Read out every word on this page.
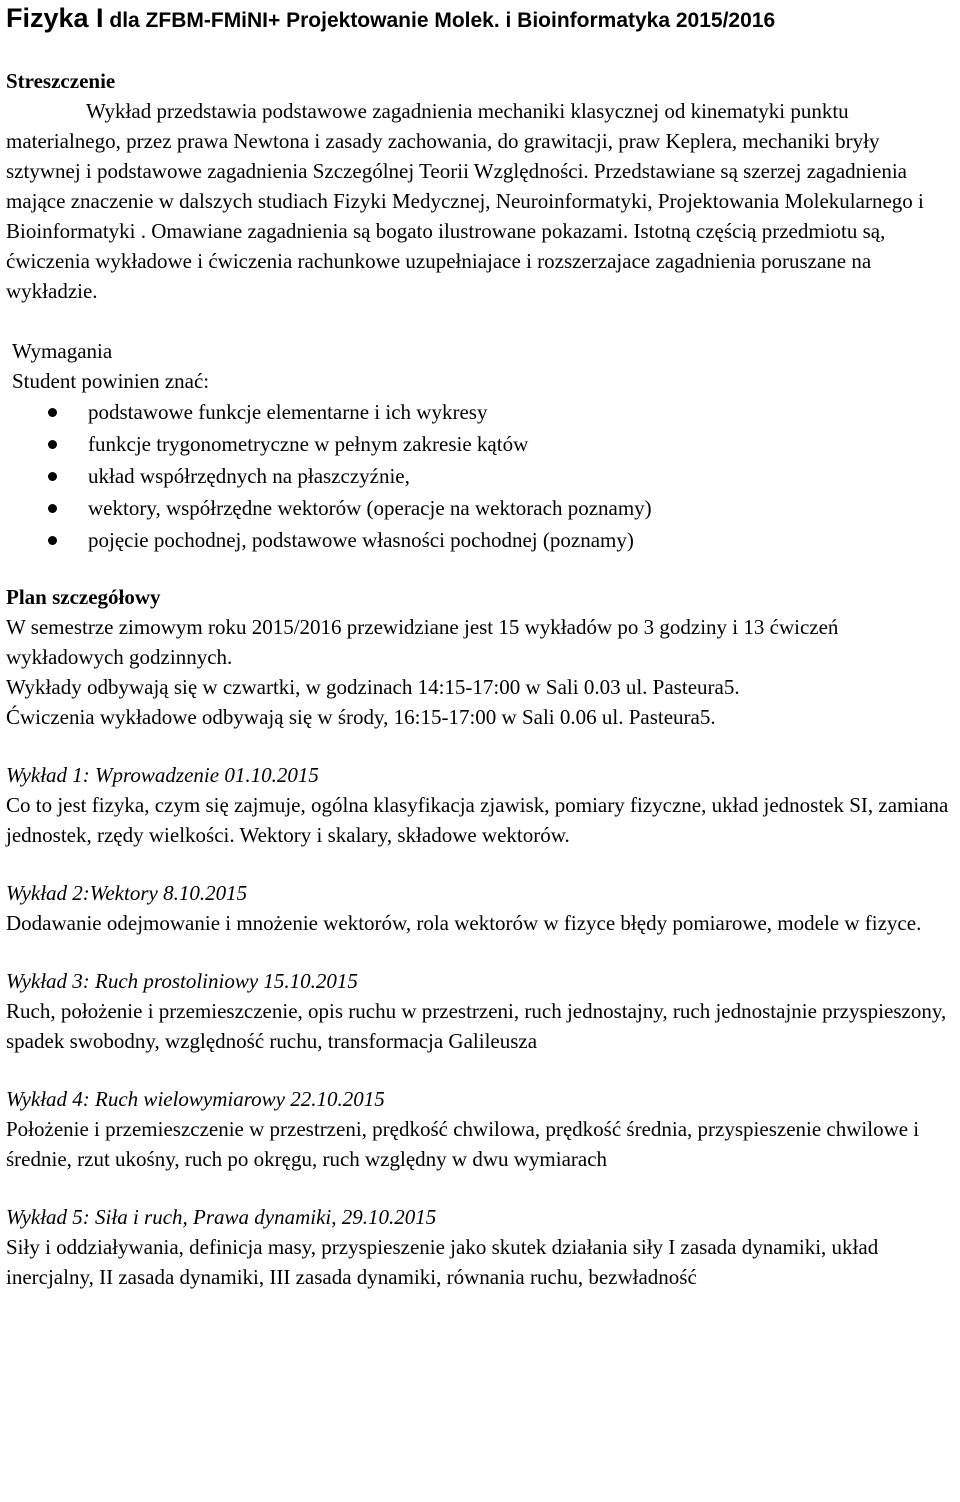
Fizyka I dla ZFBM-FMiNI+ Projektowanie Molek. i Bioinformatyka 2015/2016
Streszczenie

Wykład przedstawia podstawowe zagadnienia mechaniki klasycznej od kinematyki punktu materialnego, przez prawa Newtona i zasady zachowania, do grawitacji, praw Keplera, mechaniki bryły sztywnej i podstawowe zagadnienia Szczególnej Teorii Względności. Przedstawiane są szerzej zagadnienia mające znaczenie w dalszych studiach Fizyki Medycznej, Neuroinformatyki, Projektowania Molekularnego i Bioinformatyki . Omawiane zagadnienia są bogato ilustrowane pokazami. Istotną częścią przedmiotu są, ćwiczenia wykładowe i ćwiczenia rachunkowe uzupełniajace i rozszerzajace zagadnienia poruszane na wykładzie.

Wymagania

Student powinien znać:

podstawowe funkcje elementarne i ich wykresy
funkcje trygonometryczne w pełnym zakresie kątów
układ współrzędnych na płaszczyźnie,
wektory, współrzędne wektorów (operacje na wektorach poznamy)
pojęcie pochodnej, podstawowe własności pochodnej (poznamy)
Plan szczegółowy

W semestrze zimowym roku 2015/2016 przewidziane jest 15 wykładów po 3 godziny i 13 ćwiczeń wykładowych godzinnych.

Wykłady odbywają się w czwartki, w godzinach 14:15-17:00 w Sali 0.03 ul. Pasteura5.

Ćwiczenia wykładowe odbywają się w środy, 16:15-17:00 w Sali 0.06 ul. Pasteura5.

Wykład 1: Wprowadzenie 01.10.2015

Co to jest fizyka, czym się zajmuje, ogólna klasyfikacja zjawisk, pomiary fizyczne, układ jednostek SI, zamiana jednostek, rzędy wielkości. Wektory i skalary, składowe wektorów.

Wykład 2:Wektory 8.10.2015

Dodawanie odejmowanie i mnożenie wektorów, rola wektorów w fizyce błędy pomiarowe, modele w fizyce.

Wykład 3: Ruch prostoliniowy 15.10.2015

Ruch, położenie i przemieszczenie, opis ruchu w przestrzeni, ruch jednostajny, ruch jednostajnie przyspieszony, spadek swobodny, względność ruchu, transformacja Galileusza

Wykład 4: Ruch wielowymiarowy 22.10.2015

Położenie i przemieszczenie w przestrzeni, prędkość chwilowa, prędkość średnia, przyspieszenie chwilowe i średnie, rzut ukośny, ruch po okręgu, ruch względny w dwu wymiarach

Wykład 5: Siła i ruch, Prawa dynamiki, 29.10.2015

Siły i oddziaływania, definicja masy, przyspieszenie jako skutek działania siły I zasada dynamiki, układ inercjalny, II zasada dynamiki, III zasada dynamiki, równania ruchu, bezwładność
